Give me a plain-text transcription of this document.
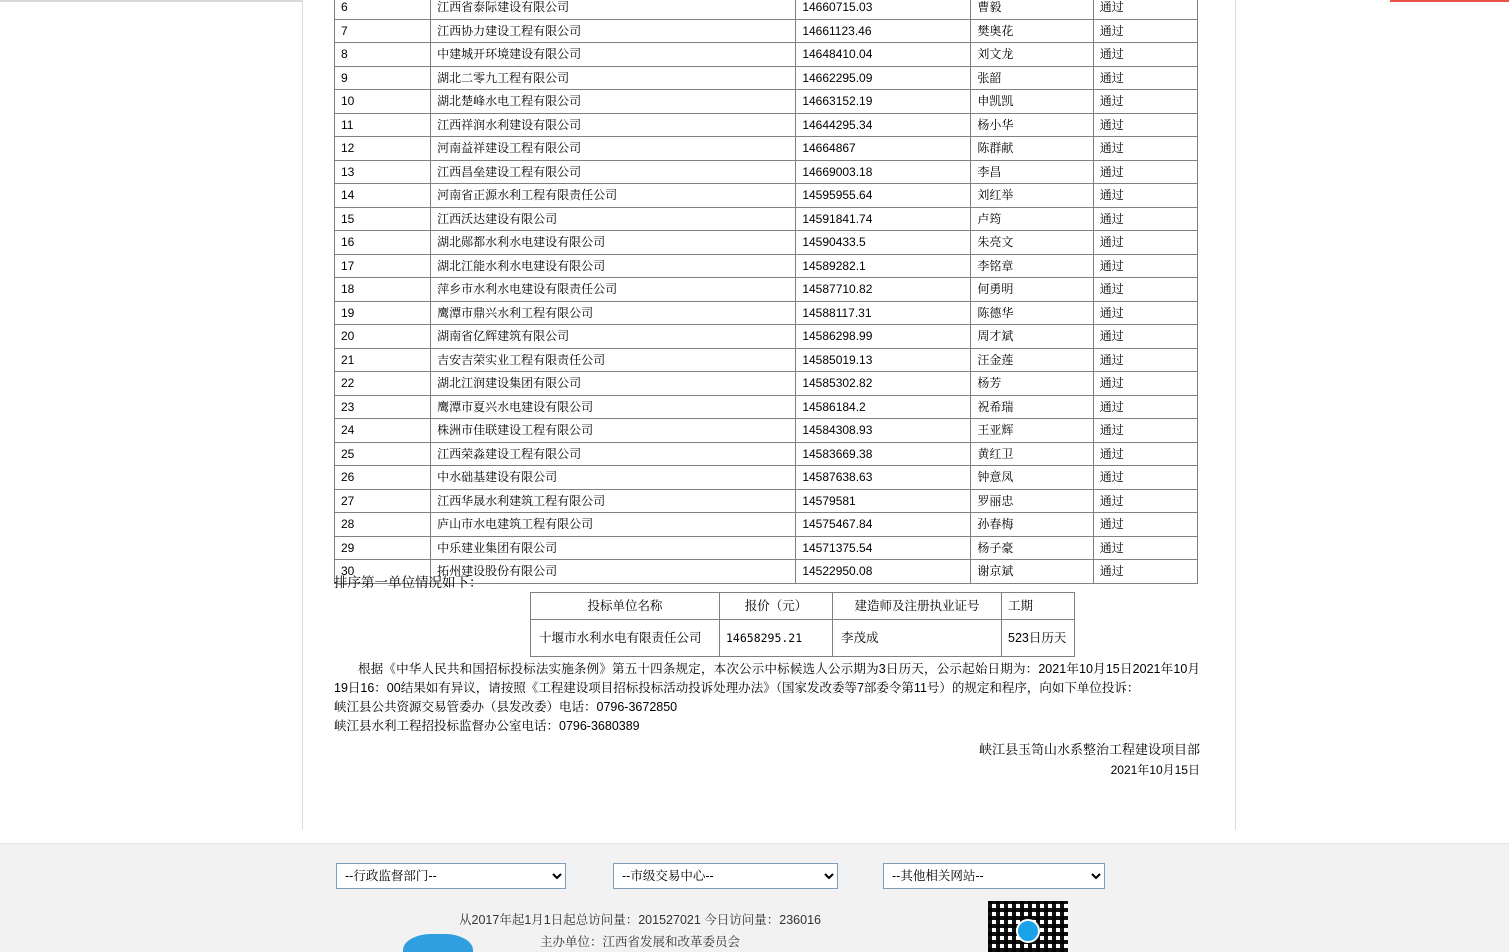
6	江西省泰际建设有限公司	14660715.03	曹毅	通过
7	江西协力建设工程有限公司	14661123.46	樊奥花	通过
8	中建城开环境建设有限公司	14648410.04	刘文龙	通过
9	湖北二零九工程有限公司	14662295.09	张韶	通过
10	湖北楚峰水电工程有限公司	14663152.19	申凯凯	通过
11	江西祥润水利建设有限公司	14644295.34	杨小华	通过
12	河南益祥建设工程有限公司	14664867	陈群献	通过
13	江西昌垒建设工程有限公司	14669003.18	李昌	通过
14	河南省正源水利工程有限责任公司	14595955.64	刘红举	通过
15	江西沃达建设有限公司	14591841.74	卢筠	通过
16	湖北郧都水利水电建设有限公司	14590433.5	朱亮文	通过
17	湖北江能水利水电建设有限公司	14589282.1	李铭章	通过
18	萍乡市水利水电建设有限责任公司	14587710.82	何勇明	通过
19	鹰潭市鼎兴水利工程有限公司	14588117.31	陈德华	通过
20	湖南省亿辉建筑有限公司	14586298.99	周才斌	通过
21	吉安吉荣实业工程有限责任公司	14585019.13	汪金莲	通过
22	湖北江润建设集团有限公司	14585302.82	杨芳	通过
23	鹰潭市夏兴水电建设有限公司	14586184.2	祝希瑞	通过
24	株洲市佳联建设工程有限公司	14584308.93	王亚辉	通过
25	江西荣淼建设工程有限公司	14583669.38	黄红卫	通过
26	中水础基建设有限公司	14587638.63	钟意凤	通过
27	江西华晟水利建筑工程有限公司	14579581	罗丽忠	通过
28	庐山市水电建筑工程有限公司	14575467.84	孙春梅	通过
29	中乐建业集团有限公司	14571375.54	杨子豪	通过
30	拓州建设股份有限公司	14522950.08	谢京斌	通过
排序第一单位情况如下：
投标单位名称	报价（元）	建造师及注册执业证号	工期
十堰市水利水电有限责任公司	14658295.21	李茂成	523日历天

根据《中华人民共和国招标投标法实施条例》第五十四条规定，本次公示中标候选人公示期为3日历天，公示起始日期为：2021年10月15日2021年10月19日16：00结果如有异议，请按照《工程建设项目招标投标活动投诉处理办法》（国家发改委等7部委令第11号）的规定和程序，向如下单位投诉：

峡江县公共资源交易管委办（县发改委）电话：0796-3672850

峡江县水利工程招投标监督办公室电话：0796-3680389

峡江县玉笥山水系整治工程建设项目部
2021年10月15日
--行政监督部门--
--市级交易中心--
--其他相关网站--
从2017年起1月1日起总访问量：201527021 今日访问量：236016
主办单位：江西省发展和改革委员会
